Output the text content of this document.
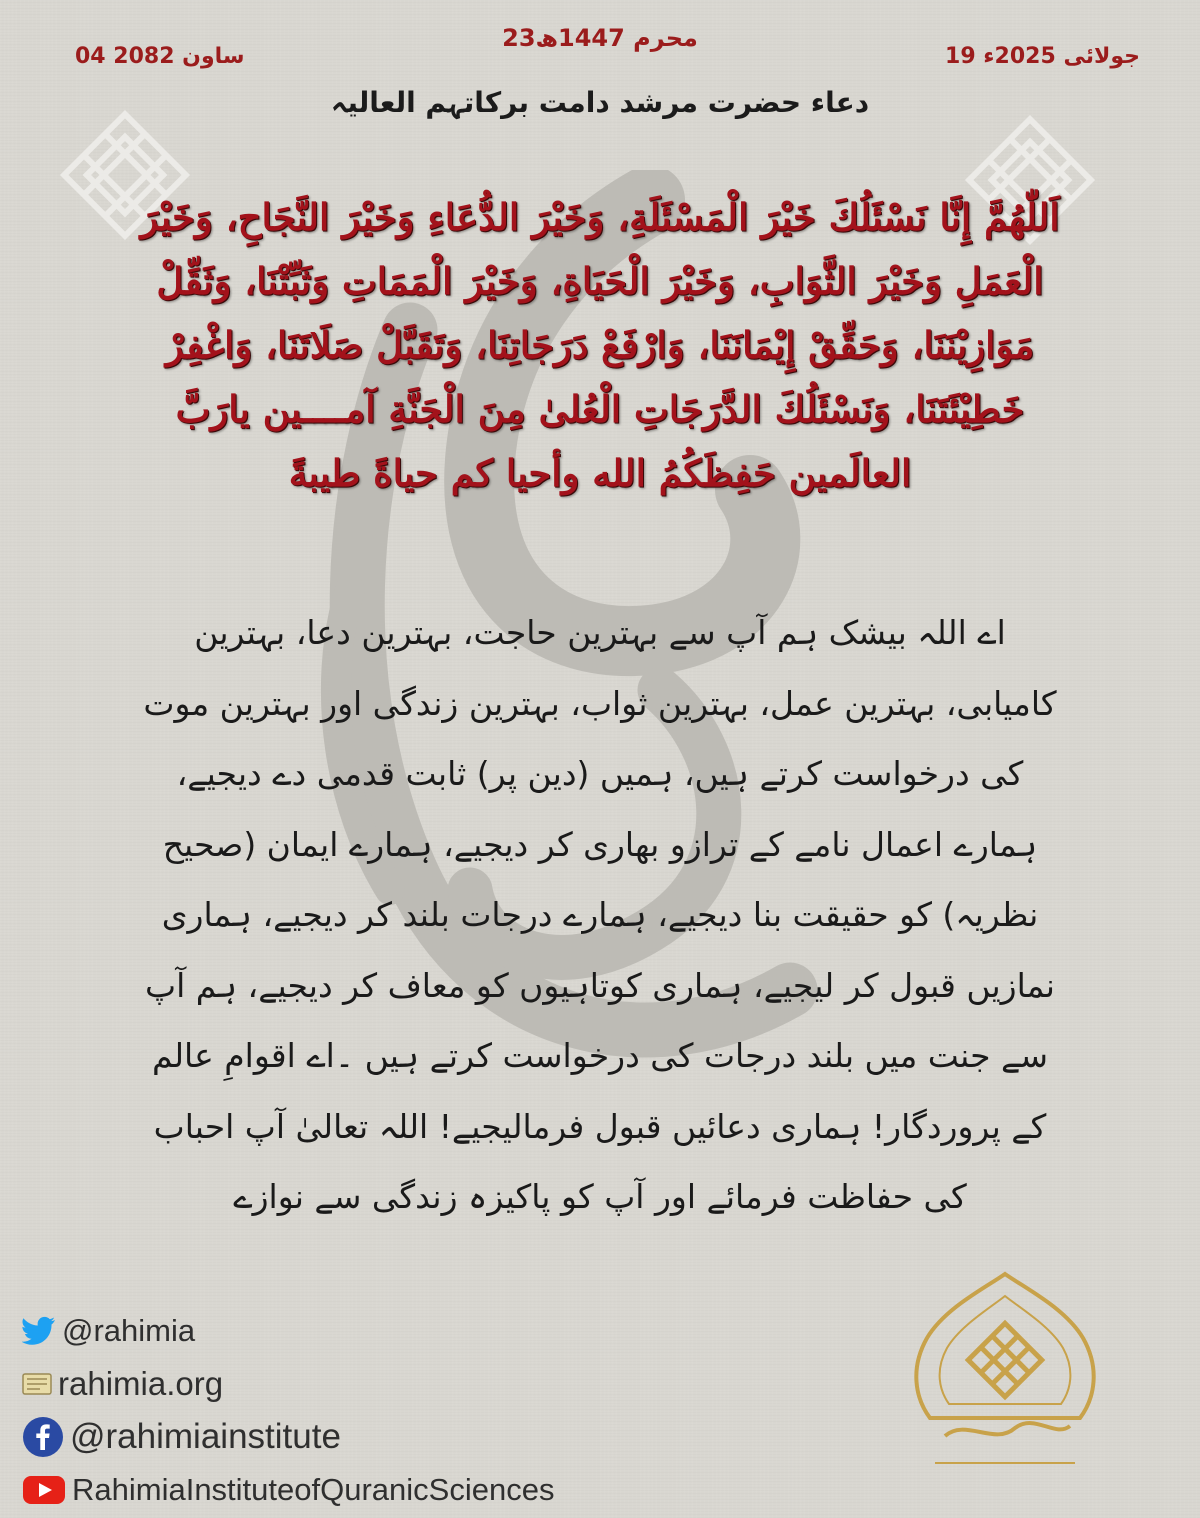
23محرم 1447ھ
19 جولائی 2025ء
04 ساون 2082
دعاء حضرت مرشد دامت برکاتہم العالیہ
اَللّٰهُمَّ إِنَّا نَسْئَلُكَ خَيْرَ الْمَسْئَلَةِ، وَخَيْرَ الدُّعَاءِ وَخَيْرَ النَّجَاحِ، وَخَيْرَ الْعَمَلِ وَخَيْرَ الثَّوَابِ، وَخَيْرَ الْحَيَاةِ، وَخَيْرَ الْمَمَاتِ وَثَبِّتْنَا، وَثَقِّلْ مَوَازِيْنَنَا، وَحَقِّقْ إِيْمَانَنَا، وَارْفَعْ دَرَجَاتِنَا، وَتَقَبَّلْ صَلَاتَنَا، وَاغْفِرْ خَطِيْئَتَنَا، وَنَسْئَلُكَ الدَّرَجَاتِ الْعُلیٰ مِنَ الْجَنَّةِ آمــــين يارَبَّ العالَمين حَفِظَكُمُ الله وأحيا كم حياةً طيبةً
اے اللہ بیشک ہم آپ سے بہترین حاجت، بہترین دعا، بہترین کامیابی، بہترین عمل، بہترین ثواب، بہترین زندگی اور بہترین موت کی درخواست کرتے ہیں، ہمیں (دین پر) ثابت قدمی دے دیجیے، ہمارے اعمال نامے کے ترازو بھاری کر دیجیے، ہمارے ایمان (صحیح نظریہ) کو حقیقت بنا دیجیے، ہمارے درجات بلند کر دیجیے، ہماری نمازیں قبول کر لیجیے، ہماری کوتاہیوں کو معاف کر دیجیے، ہم آپ سے جنت میں بلند درجات کی درخواست کرتے ہیں ۔اے اقوامِ عالم کے پروردگار! ہماری دعائیں قبول فرمالیجیے! اللہ تعالیٰ آپ احباب کی حفاظت فرمائے اور آپ کو پاکیزہ زندگی سے نوازے
@rahimia
rahimia.org
@rahimiainstitute
RahimiaInstituteofQuranicSciences
